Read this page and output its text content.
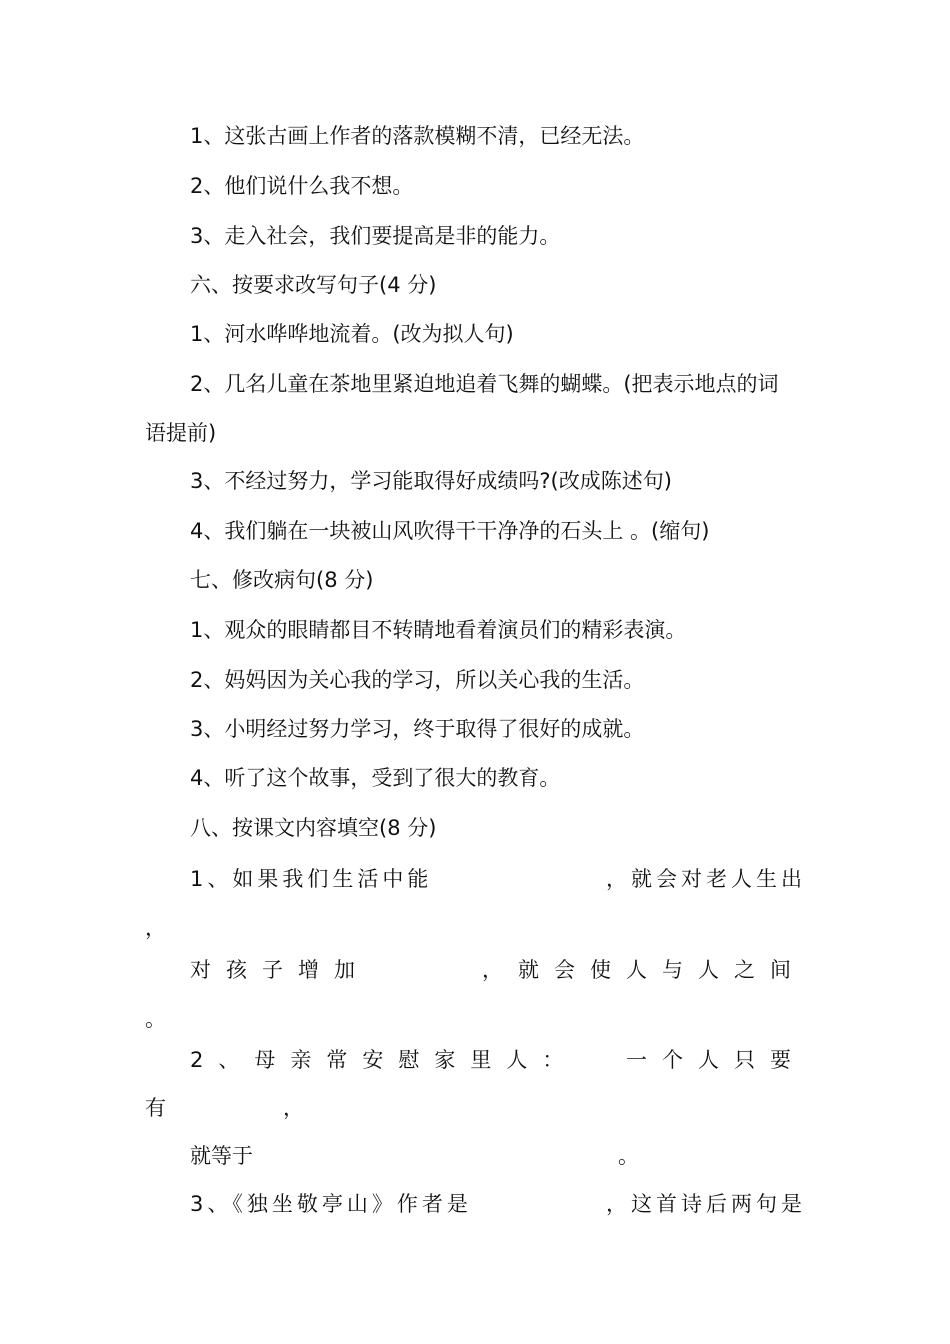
1、这张古画上作者的落款模糊不清，已经无法。
2、他们说什么我不想。
3、走入社会，我们要提高是非的能力。
六、按要求改写句子(4 分)
1、河水哗哗地流着。(改为拟人句)
2、几名儿童在茶地里紧迫地追着飞舞的蝴蝶。(把表示地点的词
语提前)
3、不经过努力，学习能取得好成绩吗?(改成陈述句)
4、我们躺在一块被山风吹得干干净净的石头上 。(缩句)
七、修改病句(8 分)
1、观众的眼睛都目不转睛地看着演员们的精彩表演。
2、妈妈因为关心我的学习，所以关心我的生活。
3、小明经过努力学习，终于取得了很好的成就。
4、听了这个故事，受到了很大的教育。
八、按课文内容填空(8 分)
1、如果我们生活中能	，就会对老人生出
，
对孩子增加	，就会使人与人之间
。
2、母亲常安慰家里人： 一个人只要
有	，
就等于	。
3、《独坐敬亭山》作者是	，这首诗后两句是
